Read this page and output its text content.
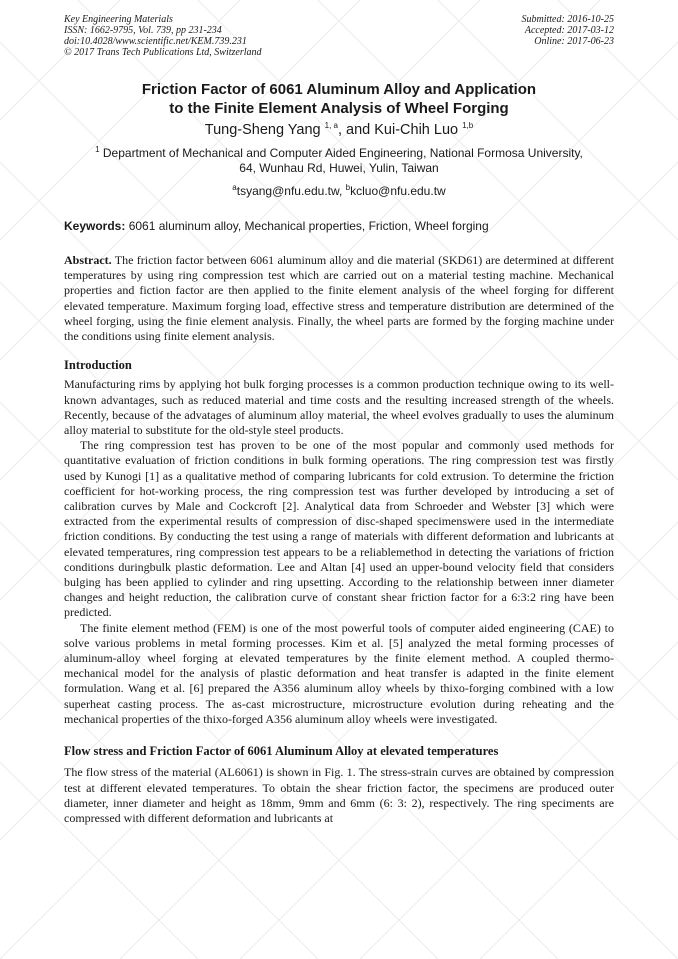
Key Engineering Materials
ISSN: 1662-9795, Vol. 739, pp 231-234
doi:10.4028/www.scientific.net/KEM.739.231
© 2017 Trans Tech Publications Ltd, Switzerland
Submitted: 2016-10-25
Accepted: 2017-03-12
Online: 2017-06-23
Friction Factor of 6061 Aluminum Alloy and Application
to the Finite Element Analysis of Wheel Forging

Tung-Sheng Yang $^{1, a}$, and Kui-Chih Luo $^{1,b}$

$^1$ Department of Mechanical and Computer Aided Engineering, National Formosa University,
64, Wunhau Rd, Huwei, Yulin, Taiwan

$^a$tsyang@nfu.edu.tw, $^b$kcluo@nfu.edu.tw

Keywords: 6061 aluminum alloy, Mechanical properties, Friction, Wheel forging

Abstract. The friction factor between 6061 aluminum alloy and die material (SKD61) are determined at different temperatures by using ring compression test which are carried out on a material testing machine. Mechanical properties and fiction factor are then applied to the finite element analysis of the wheel forging for different elevated temperature. Maximum forging load, effective stress and temperature distribution are determined of the wheel forging, using the finie element analysis. Finally, the wheel parts are formed by the forging machine under the conditions using finite element analysis.

Introduction

Manufacturing rims by applying hot bulk forging processes is a common production technique owing to its well-known advantages, such as reduced material and time costs and the resulting increased strength of the wheels. Recently, because of the advatages of aluminum alloy material, the wheel evolves gradually to uses the aluminum alloy material to substitute for the old-style steel products.

The ring compression test has proven to be one of the most popular and commonly used methods for quantitative evaluation of friction conditions in bulk forming operations. The ring compression test was firstly used by Kunogi [1] as a qualitative method of comparing lubricants for cold extrusion. To determine the friction coefficient for hot-working process, the ring compression test was further developed by introducing a set of calibration curves by Male and Cockcroft [2]. Analytical data from Schroeder and Webster [3] which were extracted from the experimental results of compression of disc-shaped specimenswere used in the intermediate friction conditions. By conducting the test using a range of materials with different deformation and lubricants at elevated temperatures, ring compression test appears to be a reliablemethod in detecting the variations of friction conditions duringbulk plastic deformation. Lee and Altan [4] used an upper-bound velocity field that considers bulging has been applied to cylinder and ring upsetting. According to the relationship between inner diameter changes and height reduction, the calibration curve of constant shear friction factor for a 6:3:2 ring have been predicted.

The finite element method (FEM) is one of the most powerful tools of computer aided engineering (CAE) to solve various problems in metal forming processes. Kim et al. [5] analyzed the metal forming processes of aluminum-alloy wheel forging at elevated temperatures by the finite element method. A coupled thermo-mechanical model for the analysis of plastic deformation and heat transfer is adapted in the finite element formulation. Wang et al. [6] prepared the A356 aluminum alloy wheels by thixo-forging combined with a low superheat casting process. The as-cast microstructure, microstructure evolution during reheating and the mechanical properties of the thixo-forged A356 aluminum alloy wheels were investigated.

Flow stress and Friction Factor of 6061 Aluminum Alloy at elevated temperatures

The flow stress of the material (AL6061) is shown in Fig. 1. The stress-strain curves are obtained by compression test at different elevated temperatures. To obtain the shear friction factor, the specimens are produced outer diameter, inner diameter and height as 18mm, 9mm and 6mm (6: 3: 2), respectively. The ring speciments are compressed with different deformation and lubricants at
